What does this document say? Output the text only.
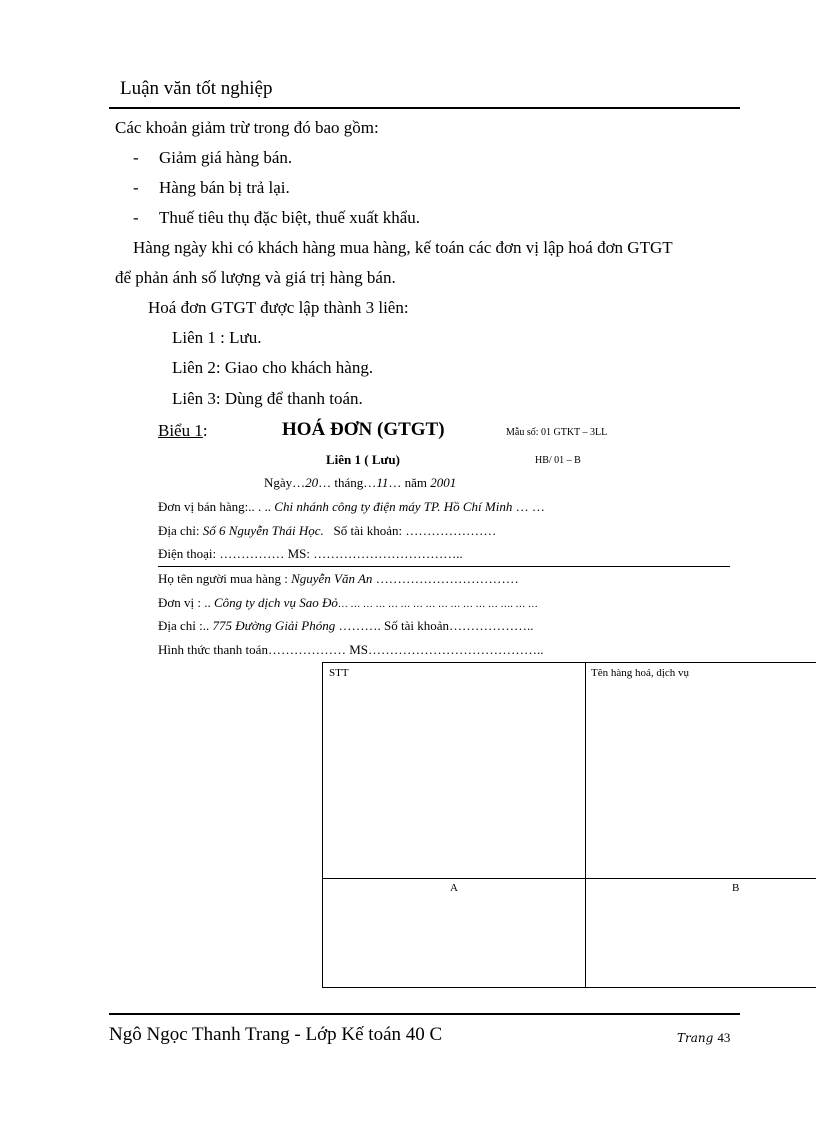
Luận văn tốt nghiệp
Các khoản giảm trừ trong đó bao gồm:
- Giảm giá hàng bán.
- Hàng bán bị trả lại.
- Thuế tiêu thụ đặc biệt, thuế xuất khẩu.
Hàng ngày khi có khách hàng mua hàng, kế toán các đơn vị lập hoá đơn GTGT
để phản ánh số lượng và giá trị hàng bán.
Hoá đơn GTGT được lập thành 3 liên:
Liên 1 : Lưu.
Liên 2: Giao cho khách hàng.
Liên 3: Dùng để thanh toán.
Biểu 1:	HOÁ ĐƠN (GTGT)	Mẫu số: 01 GTKT – 3LL
Liên 1 ( Lưu)	HB/ 01 – B
Ngày…20… tháng…11… năm 2001
Đơn vị bán hàng:.. . .. Chi nhánh công ty điện máy TP. Hồ Chí Minh … …
Địa chỉ: Số 6 Nguyễn Thái Học. Số tài khoản: …………………
Điện thoại: …………… MS: ……………………………..
Họ tên người mua hàng : Nguyễn Văn An ……………………………
Đơn vị : .. Công ty dịch vụ Sao Đỏ… … … … … … … … … … … … … …. … …
Địa chỉ :.. 775 Đường Giải Phóng ………. Số tài khoản………………..
Hình thức thanh toán……………… MS…………………………………..
STT	Tên hàng hoá, dịch vụ
A	B
Ngô Ngọc Thanh Trang - Lớp Kế toán 40 C	Trang 43
